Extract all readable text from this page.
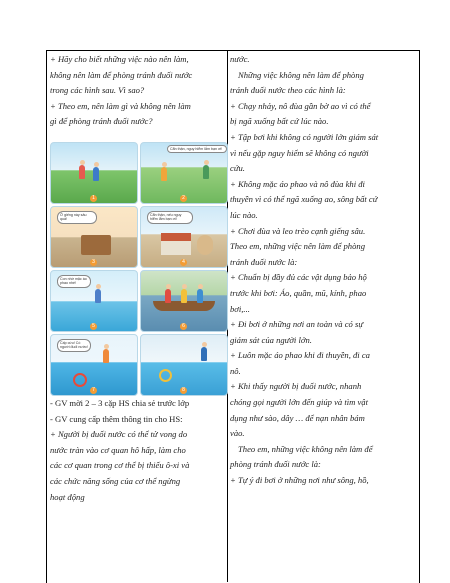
+ Hãy cho biết những việc nào nên làm,
không nên làm để phòng tránh đuối nước
trong các hình sau. Vì sao?

+ Theo em, nên làm gì và không nên làm
gì để phòng tránh đuối nước?

1
Cẩn thận, nguy hiểm lắm bạn ơi!
2
Ở giếng này sâu quá!
3
Cẩn thận, nếu nguy hiểm lắm bạn ơi!
4
Con nhớ mặc áo phao nhé!
5	6
Cấp cứu! Có người đuối nước!
7	8

- GV mời 2 – 3 cặp HS chia sẻ trước lớp

- GV cung cấp thêm thông tin cho HS:

+ Người bị đuối nước có thể tử vong do
nước tràn vào cơ quan hô hấp, làm cho
các cơ quan trong cơ thể bị thiếu ô-xi và
các chức năng sống của cơ thể ngừng
hoạt động

nước.

Những việc không nên làm để phòng

tránh đuối nước theo các hình là:

+ Chạy nhảy, nô đùa gần bờ ao vì có thể

bị ngã xuống bất cứ lúc nào.

+ Tập bơi khi không có người lớn giám sát

vì nếu gặp nguy hiểm sẽ không có người

cứu.

+ Không mặc áo phao và nô đùa khi đi

thuyền vì có thể ngã xuống ao, sông bất cứ

lúc nào.

+ Chơi đùa và leo trèo cạnh giếng sâu.

Theo em, những việc nên làm để phòng

tránh đuối nước là:

+ Chuẩn bị đầy đủ các vật dụng bảo hộ

trước khi bơi: Áo, quần, mũ, kính, phao

bơi,...

+ Đi bơi ở những nơi an toàn và có sự

giám sát của người lớn.

+ Luôn mặc áo phao khi đi thuyền, đi ca

nô.

+ Khi thấy người bị đuối nước, nhanh

chóng gọi người lớn đến giúp và tìm vật

dụng như sào, dây … để nạn nhân bám

vào.

Theo em, những việc không nên làm để

phòng tránh đuối nước là:

+ Tự ý đi bơi ở những nơi như sông, hồ,
